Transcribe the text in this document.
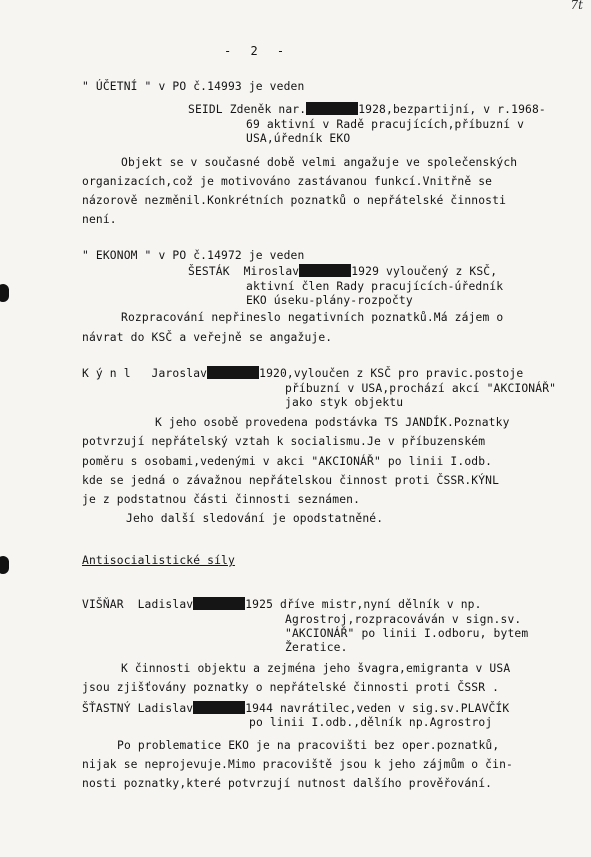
7t
- 2 -
" ÚČETNÍ " v PO č.14993 je veden
SEIDL Zdeněk nar.	1928,bezpartijní, v r.1968-
69 aktivní v Radě pracujících,příbuzní v
USA,úředník EKO
Objekt se v současné době velmi angažuje ve společenských
organizacích,což je motivováno zastávanou funkcí.Vnitřně se
názorově nezměnil.Konkrétních poznatků o nepřátelské činnosti
není.
" EKONOM " v PO č.14972 je veden
ŠESTÁK  Miroslav	1929 vyloučený z KSČ,
aktivní člen Rady pracujících-úředník
EKO úseku-plány-rozpočty
Rozpracování nepřineslo negativních poznatků.Má zájem o
návrat do KSČ a veřejně se angažuje.
K ý n l   Jaroslav	1920,vyloučen z KSČ pro pravic.postoje
příbuzní v USA,prochází akcí "AKCIONÁŘ"
jako styk objektu
K jeho osobě provedena podstávka TS JANDÍK.Poznatky
potvrzují nepřátelský vztah k socialismu.Je v příbuzenském
poměru s osobami,vedenými v akci "AKCIONÁŘ" po linii I.odb.
kde se jedná o závažnou nepřátelskou činnost proti ČSSR.KÝNL
je z podstatnou části činnosti seznámen.
Jeho další sledování je opodstatněné.
Antisocialistické síly
VIŠŇAR  Ladislav	1925 dříve mistr,nyní dělník v np.
Agrostroj,rozpracováván v sign.sv.
"AKCIONÁŘ" po linii I.odboru, bytem
Žeratice.
K činnosti objektu a zejména jeho švagra,emigranta v USA
jsou zjišťovány poznatky o nepřátelské činnosti proti ČSSR .
ŠŤASTNÝ Ladislav	1944 navrátilec,veden v sig.sv.PLAVČÍK
po linii I.odb.,dělník np.Agrostroj
Po problematice EKO je na pracovišti bez oper.poznatků,
nijak se neprojevuje.Mimo pracoviště jsou k jeho zájmům o čin-
nosti poznatky,které potvrzují nutnost dalšího prověřování.
